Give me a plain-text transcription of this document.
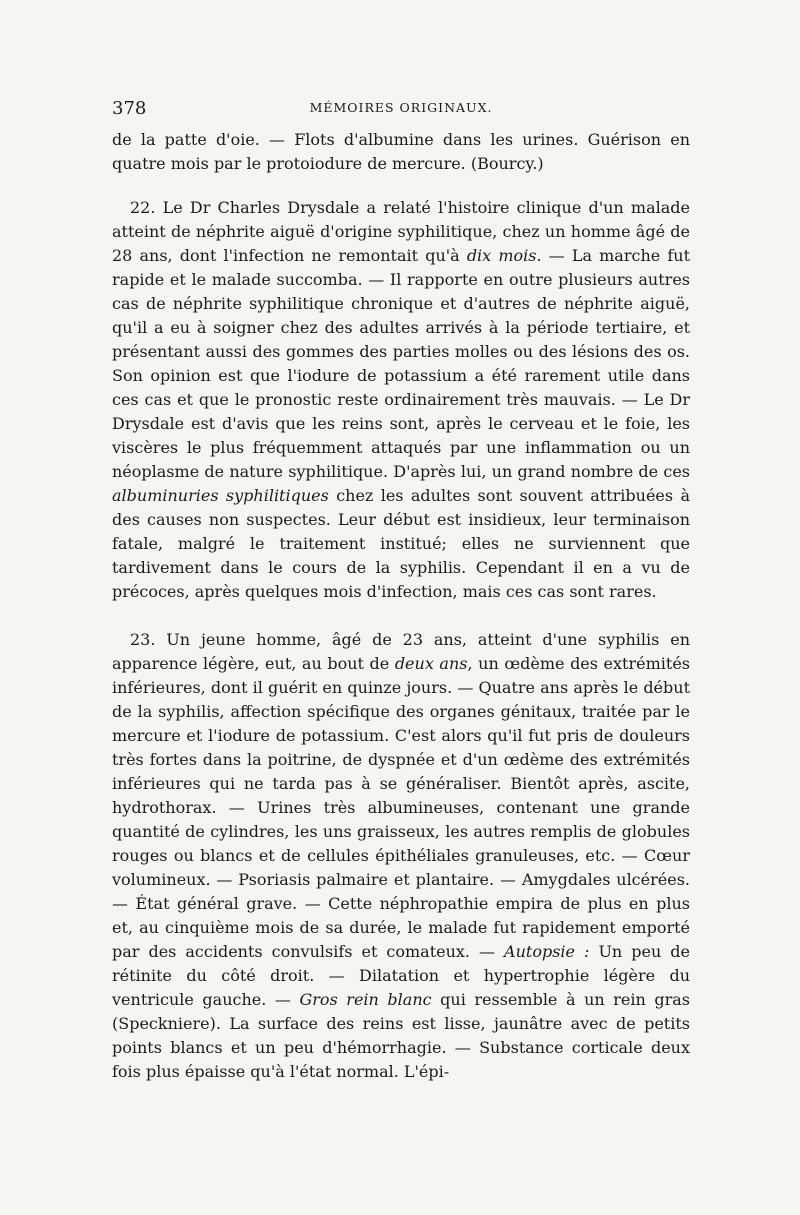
378	MÉMOIRES ORIGINAUX.

de la patte d'oie. — Flots d'albumine dans les urines. Guérison en quatre mois par le protoiodure de mercure. (Bourcy.)

22. Le Dr Charles Drysdale a relaté l'histoire clinique d'un malade atteint de néphrite aiguë d'origine syphilitique, chez un homme âgé de 28 ans, dont l'infection ne remontait qu'à dix mois. — La marche fut rapide et le malade succomba. — Il rapporte en outre plusieurs autres cas de néphrite syphilitique chronique et d'autres de néphrite aiguë, qu'il a eu à soigner chez des adultes arrivés à la période tertiaire, et présentant aussi des gommes des parties molles ou des lésions des os. Son opinion est que l'iodure de potassium a été rarement utile dans ces cas et que le pronostic reste ordinairement très mauvais. — Le Dr Drysdale est d'avis que les reins sont, après le cerveau et le foie, les viscères le plus fréquemment attaqués par une inflammation ou un néoplasme de nature syphilitique. D'après lui, un grand nombre de ces albuminuries syphilitiques chez les adultes sont souvent attribuées à des causes non suspectes. Leur début est insidieux, leur terminaison fatale, malgré le traitement institué; elles ne surviennent que tardivement dans le cours de la syphilis. Cependant il en a vu de précoces, après quelques mois d'infection, mais ces cas sont rares.

23. Un jeune homme, âgé de 23 ans, atteint d'une syphilis en apparence légère, eut, au bout de deux ans, un œdème des extrémités inférieures, dont il guérit en quinze jours. — Quatre ans après le début de la syphilis, affection spécifique des organes génitaux, traitée par le mercure et l'iodure de potassium. C'est alors qu'il fut pris de douleurs très fortes dans la poitrine, de dyspnée et d'un œdème des extrémités inférieures qui ne tarda pas à se généraliser. Bientôt après, ascite, hydrothorax. — Urines très albumineuses, contenant une grande quantité de cylindres, les uns graisseux, les autres remplis de globules rouges ou blancs et de cellules épithéliales granuleuses, etc. — Cœur volumineux. — Psoriasis palmaire et plantaire. — Amygdales ulcérées. — État général grave. — Cette néphropathie empira de plus en plus et, au cinquième mois de sa durée, le malade fut rapidement emporté par des accidents convulsifs et comateux. — Autopsie : Un peu de rétinite du côté droit. — Dilatation et hypertrophie légère du ventricule gauche. — Gros rein blanc qui ressemble à un rein gras (Speckniere). La surface des reins est lisse, jaunâtre avec de petits points blancs et un peu d'hémorrhagie. — Substance corticale deux fois plus épaisse qu'à l'état normal. L'épi-
